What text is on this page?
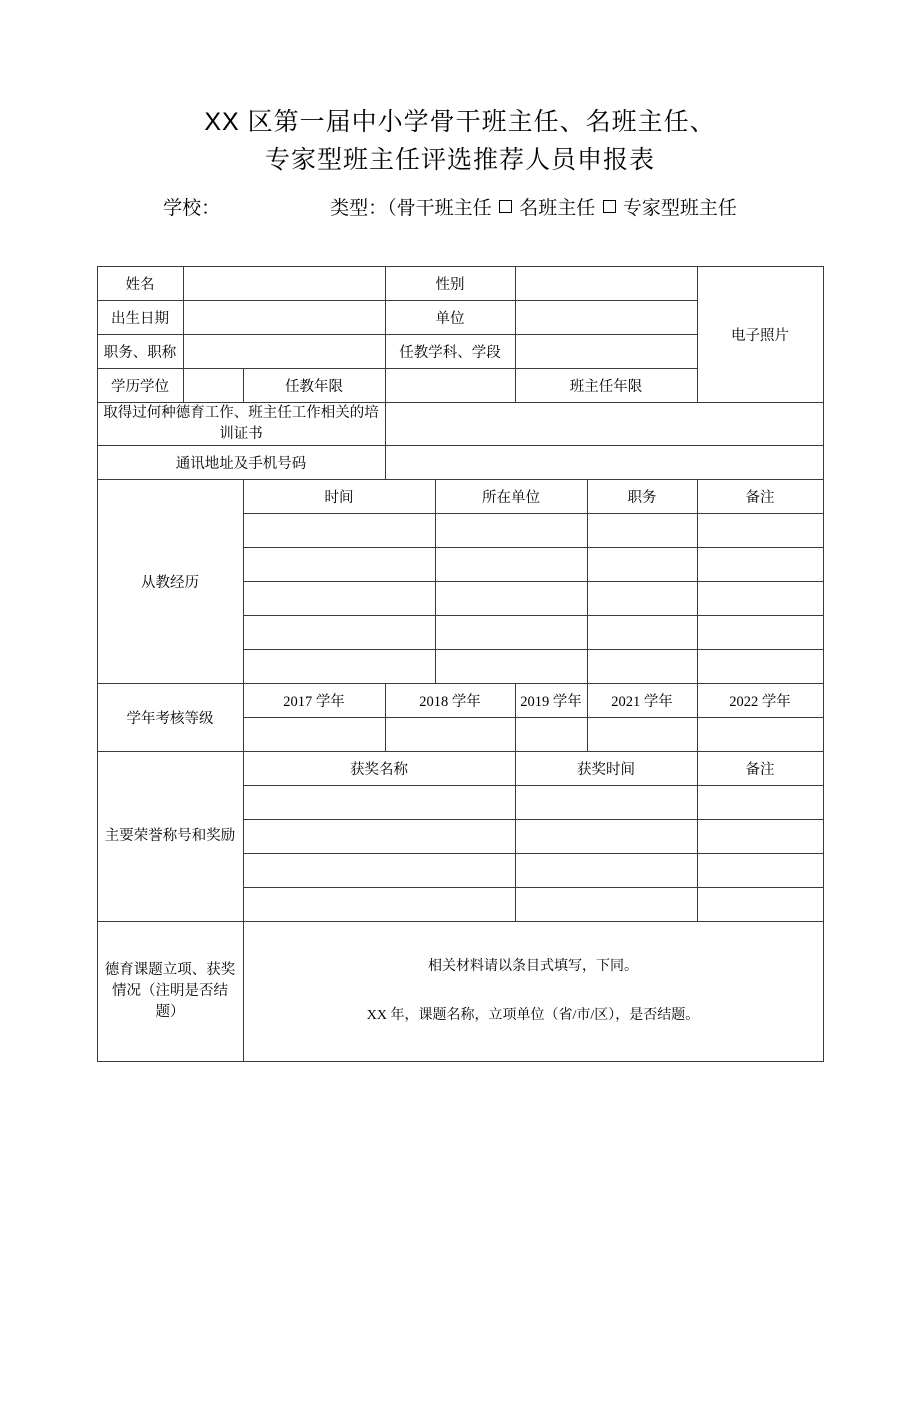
XX 区第一届中小学骨干班主任、名班主任、
专家型班主任评选推荐人员申报表
学校：	类型：（骨干班主任 名班主任 专家型班主任
姓名			性别				电子照片
出生日期			单位				
职务、职称			任教学科、学段				
学历学位		任教年限			班主任年限		
取得过何种德育工作、班主任工作相关的培训证书							
通讯地址及手机号码							
从教经历		时间		所在单位		职务	备注

学年考核等级		2017 学年	2018 学年		2019 学年	2021 学年	2022 学年

主要荣誉称号和奖励		获奖名称			获奖时间		备注

德育课题立项、获奖情况（注明是否结题）		相关材料请以条目式填写，下同。

XX 年，课题名称，立项单位（省/市/区），是否结题。					
